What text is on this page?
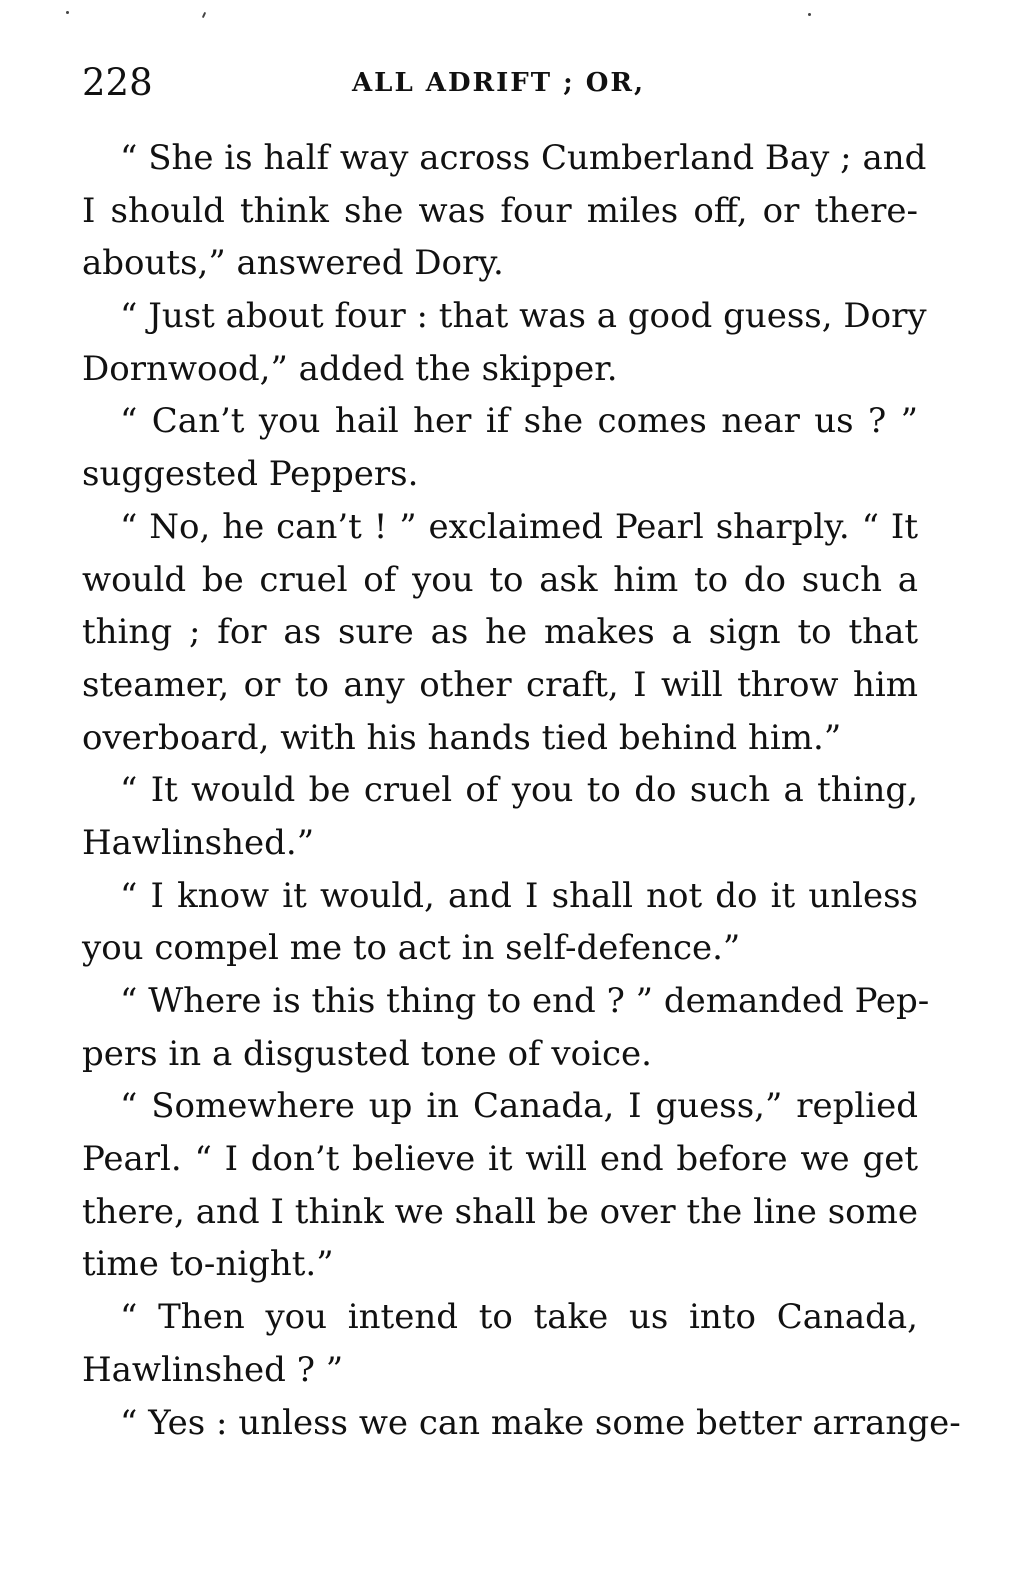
228	ALL ADRIFT ; OR,
“ She is half way across Cumberland Bay ; and
I should think she was four miles off, or there-
abouts,” answered Dory.
“ Just about four : that was a good guess, Dory
Dornwood,” added the skipper.
“ Can’t you hail her if she comes near us ? ”
suggested Peppers.
“ No, he can’t ! ” exclaimed Pearl sharply. “ It
would be cruel of you to ask him to do such a
thing ; for as sure as he makes a sign to that
steamer, or to any other craft, I will throw him
overboard, with his hands tied behind him.”
“ It would be cruel of you to do such a thing,
Hawlinshed.”
“ I know it would, and I shall not do it unless
you compel me to act in self-defence.”
“ Where is this thing to end ? ” demanded Pep-
pers in a disgusted tone of voice.
“ Somewhere up in Canada, I guess,” replied
Pearl. “ I don’t believe it will end before we get
there, and I think we shall be over the line some
time to-night.”
“ Then you intend to take us into Canada,
Hawlinshed ? ”
“ Yes : unless we can make some better arrange-
